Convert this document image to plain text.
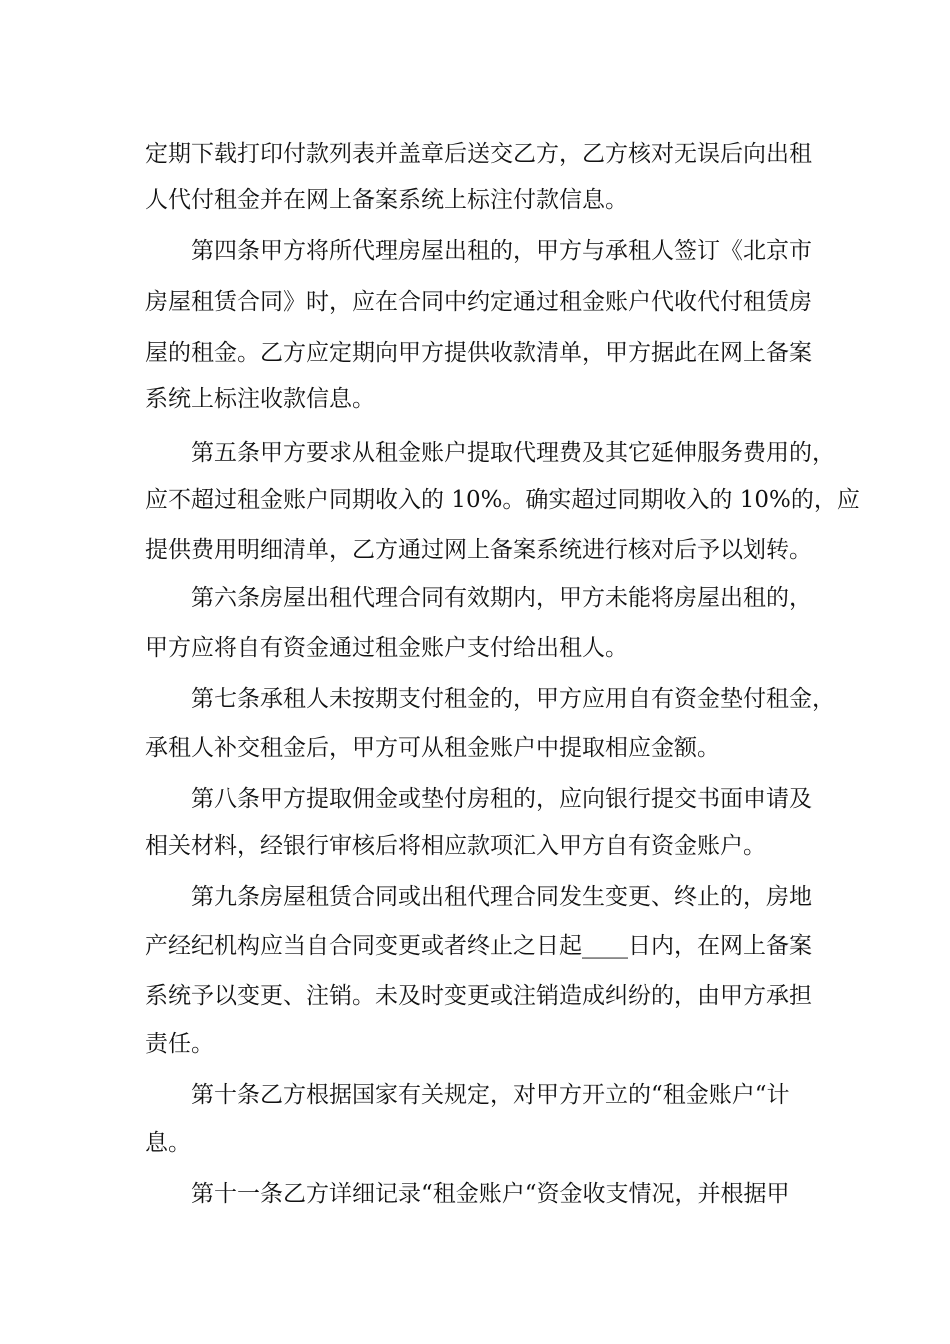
定期下载打印付款列表并盖章后送交乙方，乙方核对无误后向出租
人代付租金并在网上备案系统上标注付款信息。
第四条甲方将所代理房屋出租的，甲方与承租人签订《北京市
房屋租赁合同》时，应在合同中约定通过租金账户代收代付租赁房
屋的租金。乙方应定期向甲方提供收款清单，甲方据此在网上备案
系统上标注收款信息。
第五条甲方要求从租金账户提取代理费及其它延伸服务费用的，
应不超过租金账户同期收入的 10%。确实超过同期收入的 10%的，应
提供费用明细清单，乙方通过网上备案系统进行核对后予以划转。
第六条房屋出租代理合同有效期内，甲方未能将房屋出租的，
甲方应将自有资金通过租金账户支付给出租人。
第七条承租人未按期支付租金的，甲方应用自有资金垫付租金，
承租人补交租金后，甲方可从租金账户中提取相应金额。
第八条甲方提取佣金或垫付房租的，应向银行提交书面申请及
相关材料，经银行审核后将相应款项汇入甲方自有资金账户。
第九条房屋租赁合同或出租代理合同发生变更、终止的，房地
产经纪机构应当自合同变更或者终止之日起____日内，在网上备案
系统予以变更、注销。未及时变更或注销造成纠纷的，由甲方承担
责任。
第十条乙方根据国家有关规定，对甲方开立的“租金账户“计
息。
第十一条乙方详细记录“租金账户“资金收支情况，并根据甲
